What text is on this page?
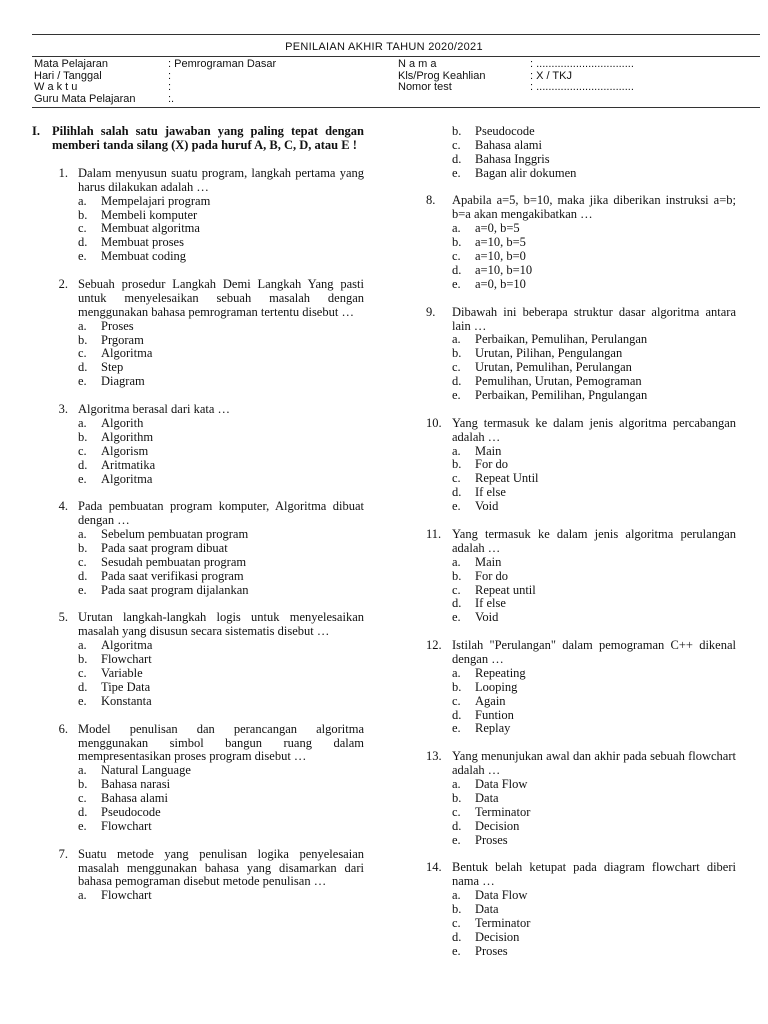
PENILAIAN AKHIR TAHUN 2020/2021
Mata Pelajaran	: Pemrograman Dasar
Hari / Tanggal	:
W a k t u	:
Guru Mata Pelajaran	:.
N a m a	: ................................
Kls/Prog Keahlian	: X / TKJ
Nomor test	: ................................
I. Pilihlah salah satu jawaban yang paling tepat dengan memberi tanda silang (X) pada huruf A, B, C, D, atau E !
1. Dalam menyusun suatu program, langkah pertama yang harus dilakukan adalah …
a.	Mempelajari program
b.	Membeli komputer
c.	Membuat algoritma
d.	Membuat proses
e.	Membuat coding
2. Sebuah prosedur Langkah Demi Langkah Yang pasti untuk menyelesaikan sebuah masalah dengan menggunakan bahasa pemrograman tertentu disebut …
a.	Proses
b.	Prgoram
c.	Algoritma
d.	Step
e.	Diagram
3. Algoritma berasal dari kata …
a.	Algorith
b.	Algorithm
c.	Algorism
d.	Aritmatika
e.	Algoritma
4. Pada pembuatan program komputer, Algoritma dibuat dengan …
a.	Sebelum pembuatan program
b.	Pada saat program dibuat
c.	Sesudah pembuatan program
d.	Pada saat verifikasi program
e.	Pada saat program dijalankan
5. Urutan langkah-langkah logis untuk menyelesaikan masalah yang disusun secara sistematis disebut …
a.	Algoritma
b.	Flowchart
c.	Variable
d.	Tipe Data
e.	Konstanta
6. Model penulisan dan perancangan algoritma menggunakan simbol bangun ruang dalam mempresentasikan proses program disebut …
a.	Natural Language
b.	Bahasa narasi
c.	Bahasa alami
d.	Pseudocode
e.	Flowchart
7. Suatu metode yang penulisan logika penyelesaian masalah menggunakan bahasa yang disamarkan dari bahasa pemograman disebut metode penulisan …
a.	Flowchart
b.	Pseudocode
c.	Bahasa alami
d.	Bahasa Inggris
e.	Bagan alir dokumen
8.	Apabila a=5, b=10, maka jika diberikan instruksi a=b; b=a akan mengakibatkan …
a.	a=0, b=5
b.	a=10, b=5
c.	a=10, b=0
d.	a=10, b=10
e.	a=0, b=10
9.	Dibawah ini beberapa struktur dasar algoritma antara lain …
a.	Perbaikan, Pemulihan, Perulangan
b.	Urutan, Pilihan, Pengulangan
c.	Urutan, Pemulihan, Perulangan
d.	Pemulihan, Urutan, Pemograman
e.	Perbaikan, Pemilihan, Pngulangan
10. Yang termasuk ke dalam jenis algoritma percabangan adalah …
a.	Main
b.	For do
c.	Repeat Until
d.	If else
e.	Void
11. Yang termasuk ke dalam jenis algoritma perulangan adalah …
a.	Main
b.	For do
c.	Repeat until
d.	If else
e.	Void
12. Istilah "Perulangan" dalam pemograman C++ dikenal dengan …
a.	Repeating
b.	Looping
c.	Again
d.	Funtion
e.	Replay
13. Yang menunjukan awal dan akhir pada sebuah flowchart adalah …
a.	Data Flow
b.	Data
c.	Terminator
d.	Decision
e.	Proses
14. Bentuk belah ketupat pada diagram flowchart diberi nama …
a.	Data Flow
b.	Data
c.	Terminator
d.	Decision
e.	Proses
